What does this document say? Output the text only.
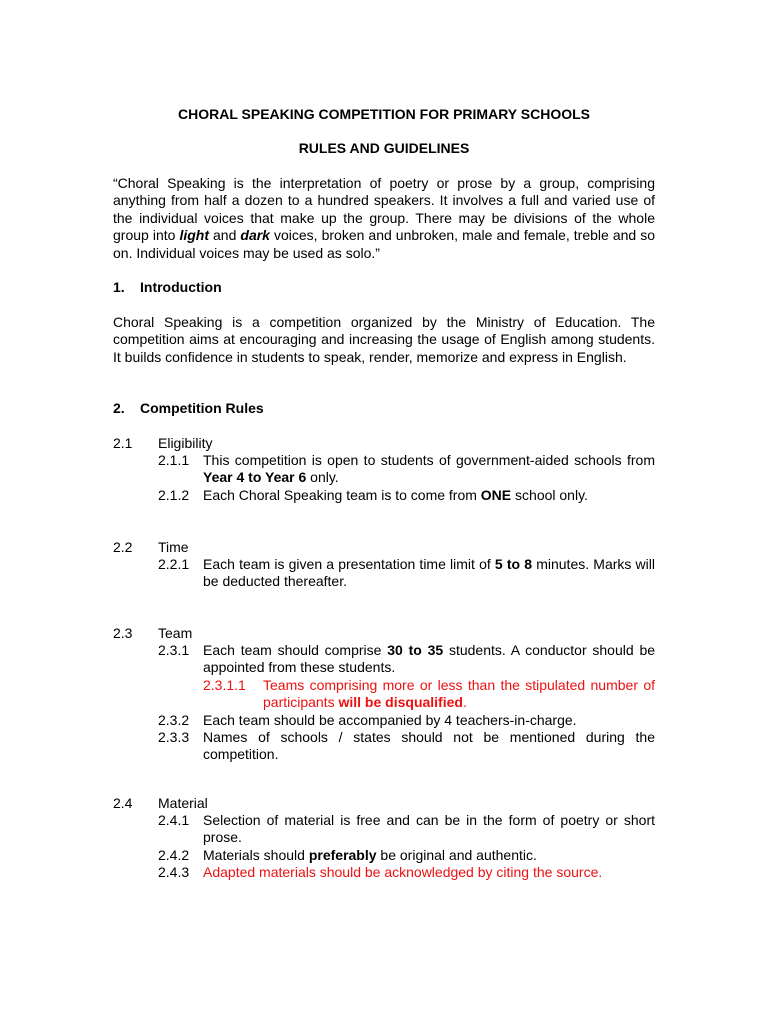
CHORAL SPEAKING COMPETITION FOR PRIMARY SCHOOLS
RULES AND GUIDELINES
“Choral Speaking is the interpretation of poetry or prose by a group, comprising anything from half a dozen to a hundred speakers. It involves a full and varied use of the individual voices that make up the group. There may be divisions of the whole group into light and dark voices, broken and unbroken, male and female, treble and so on. Individual voices may be used as solo.”
1. Introduction
Choral Speaking is a competition organized by the Ministry of Education. The competition aims at encouraging and increasing the usage of English among students. It builds confidence in students to speak, render, memorize and express in English.
2. Competition Rules
2.1 Eligibility
2.1.1 This competition is open to students of government-aided schools from Year 4 to Year 6 only.
2.1.2 Each Choral Speaking team is to come from ONE school only.
2.2 Time
2.2.1 Each team is given a presentation time limit of 5 to 8 minutes. Marks will be deducted thereafter.
2.3 Team
2.3.1 Each team should comprise 30 to 35 students. A conductor should be appointed from these students.
2.3.1.1 Teams comprising more or less than the stipulated number of participants will be disqualified.
2.3.2 Each team should be accompanied by 4 teachers-in-charge.
2.3.3 Names of schools / states should not be mentioned during the competition.
2.4 Material
2.4.1 Selection of material is free and can be in the form of poetry or short prose.
2.4.2 Materials should preferably be original and authentic.
2.4.3 Adapted materials should be acknowledged by citing the source.
